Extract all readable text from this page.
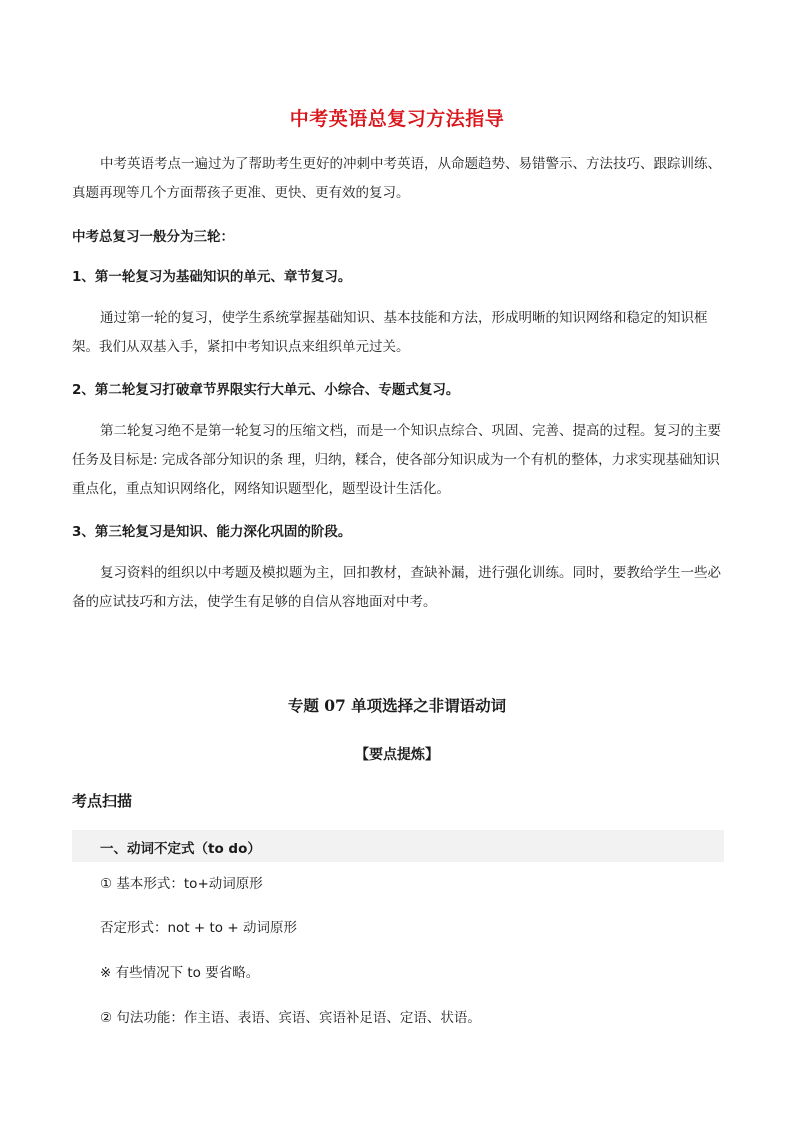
中考英语总复习方法指导

中考英语考点一遍过为了帮助考生更好的冲刺中考英语，从命题趋势、易错警示、方法技巧、跟踪训练、真题再现等几个方面帮孩子更准、更快、更有效的复习。

中考总复习一般分为三轮：

1、第一轮复习为基础知识的单元、章节复习。

通过第一轮的复习，使学生系统掌握基础知识、基本技能和方法，形成明晰的知识网络和稳定的知识框架。我们从双基入手，紧扣中考知识点来组织单元过关。

2、第二轮复习打破章节界限实行大单元、小综合、专题式复习。

第二轮复习绝不是第一轮复习的压缩文档，而是一个知识点综合、巩固、完善、提高的过程。复习的主要任务及目标是: 完成各部分知识的条 理，归纳，糅合，使各部分知识成为一个有机的整体，力求实现基础知识重点化，重点知识网络化，网络知识题型化，题型设计生活化。

3、第三轮复习是知识、能力深化巩固的阶段。

复习资料的组织以中考题及模拟题为主，回扣教材，查缺补漏，进行强化训练。同时，要教给学生一些必备的应试技巧和方法，使学生有足够的自信从容地面对中考。

专题 07 单项选择之非谓语动词
【要点提炼】
考点扫描
一、动词不定式（to do）
① 基本形式：to+动词原形
否定形式：not + to + 动词原形
※ 有些情况下 to 要省略。
② 句法功能：作主语、表语、宾语、宾语补足语、定语、状语。
